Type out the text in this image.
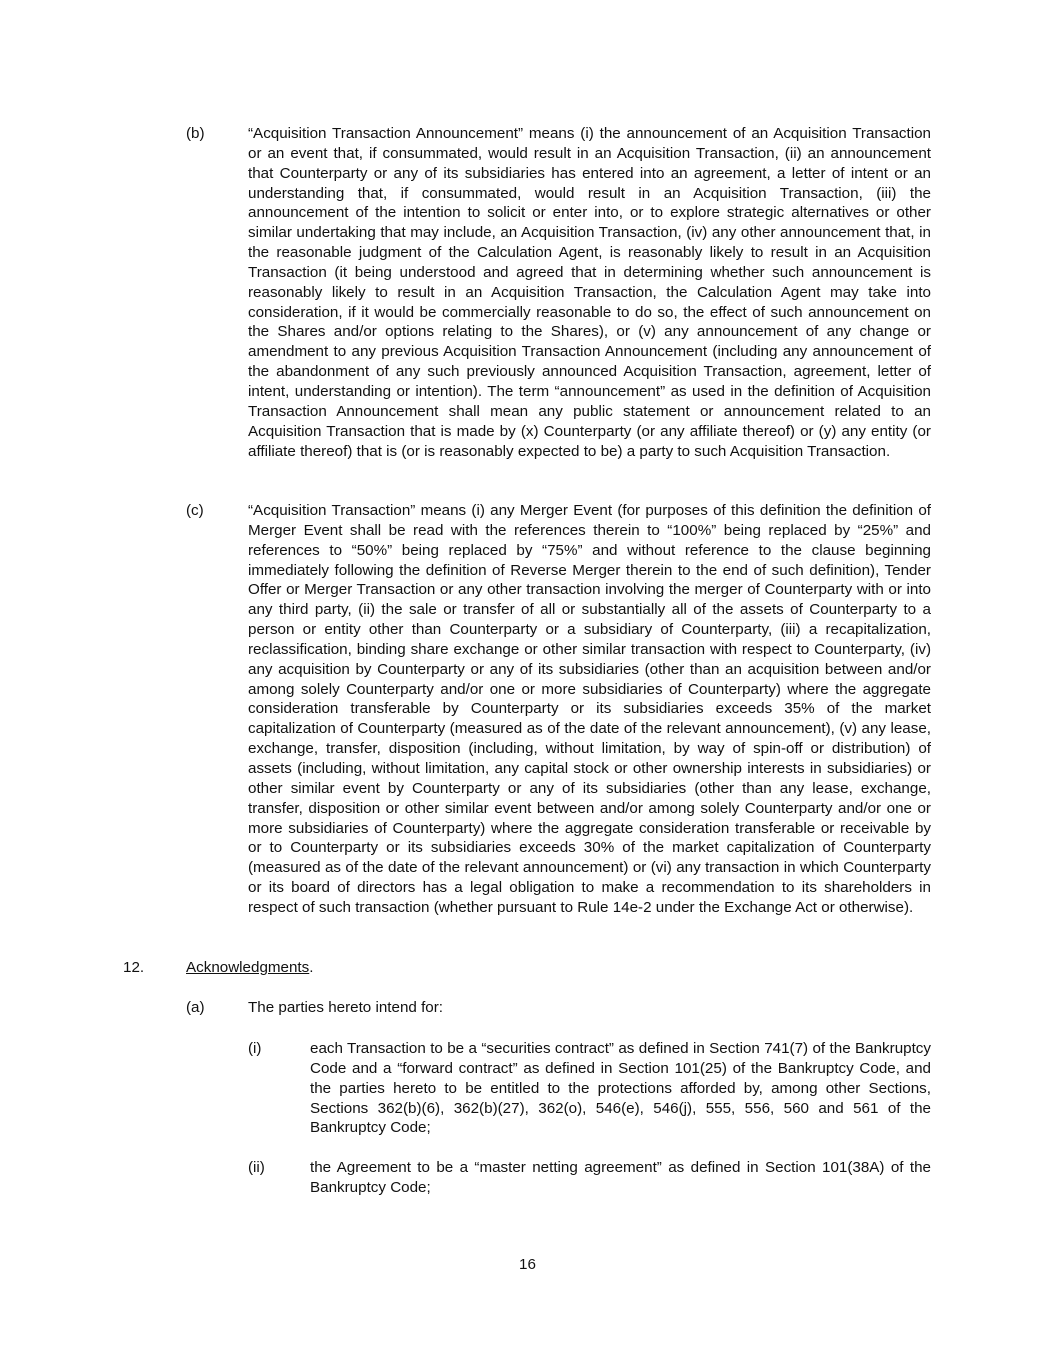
(b)	“Acquisition Transaction Announcement” means (i) the announcement of an Acquisition Transaction or an event that, if consummated, would result in an Acquisition Transaction, (ii) an announcement that Counterparty or any of its subsidiaries has entered into an agreement, a letter of intent or an understanding that, if consummated, would result in an Acquisition Transaction, (iii) the announcement of the intention to solicit or enter into, or to explore strategic alternatives or other similar undertaking that may include, an Acquisition Transaction, (iv) any other announcement that, in the reasonable judgment of the Calculation Agent, is reasonably likely to result in an Acquisition Transaction (it being understood and agreed that in determining whether such announcement is reasonably likely to result in an Acquisition Transaction, the Calculation Agent may take into consideration, if it would be commercially reasonable to do so, the effect of such announcement on the Shares and/or options relating to the Shares), or (v) any announcement of any change or amendment to any previous Acquisition Transaction Announcement (including any announcement of the abandonment of any such previously announced Acquisition Transaction, agreement, letter of intent, understanding or intention). The term “announcement” as used in the definition of Acquisition Transaction Announcement shall mean any public statement or announcement related to an Acquisition Transaction that is made by (x) Counterparty (or any affiliate thereof) or (y) any entity (or affiliate thereof) that is (or is reasonably expected to be) a party to such Acquisition Transaction.

(c)	“Acquisition Transaction” means (i) any Merger Event (for purposes of this definition the definition of Merger Event shall be read with the references therein to “100%” being replaced by “25%” and references to “50%” being replaced by “75%” and without reference to the clause beginning immediately following the definition of Reverse Merger therein to the end of such definition), Tender Offer or Merger Transaction or any other transaction involving the merger of Counterparty with or into any third party, (ii) the sale or transfer of all or substantially all of the assets of Counterparty to a person or entity other than Counterparty or a subsidiary of Counterparty, (iii) a recapitalization, reclassification, binding share exchange or other similar transaction with respect to Counterparty, (iv) any acquisition by Counterparty or any of its subsidiaries (other than an acquisition between and/or among solely Counterparty and/or one or more subsidiaries of Counterparty) where the aggregate consideration transferable by Counterparty or its subsidiaries exceeds 35% of the market capitalization of Counterparty (measured as of the date of the relevant announcement), (v) any lease, exchange, transfer, disposition (including, without limitation, by way of spin-off or distribution) of assets (including, without limitation, any capital stock or other ownership interests in subsidiaries) or other similar event by Counterparty or any of its subsidiaries (other than any lease, exchange, transfer, disposition or other similar event between and/or among solely Counterparty and/or one or more subsidiaries of Counterparty) where the aggregate consideration transferable or receivable by or to Counterparty or its subsidiaries exceeds 30% of the market capitalization of Counterparty (measured as of the date of the relevant announcement) or (vi) any transaction in which Counterparty or its board of directors has a legal obligation to make a recommendation to its shareholders in respect of such transaction (whether pursuant to Rule 14e-2 under the Exchange Act or otherwise).

12.	Acknowledgments.
(a)	The parties hereto intend for:
(i)	each Transaction to be a “securities contract” as defined in Section 741(7) of the Bankruptcy Code and a “forward contract” as defined in Section 101(25) of the Bankruptcy Code, and the parties hereto to be entitled to the protections afforded by, among other Sections, Sections 362(b)(6), 362(b)(27), 362(o), 546(e), 546(j), 555, 556, 560 and 561 of the Bankruptcy Code;

(ii)	the Agreement to be a “master netting agreement” as defined in Section 101(38A) of the Bankruptcy Code;

16
